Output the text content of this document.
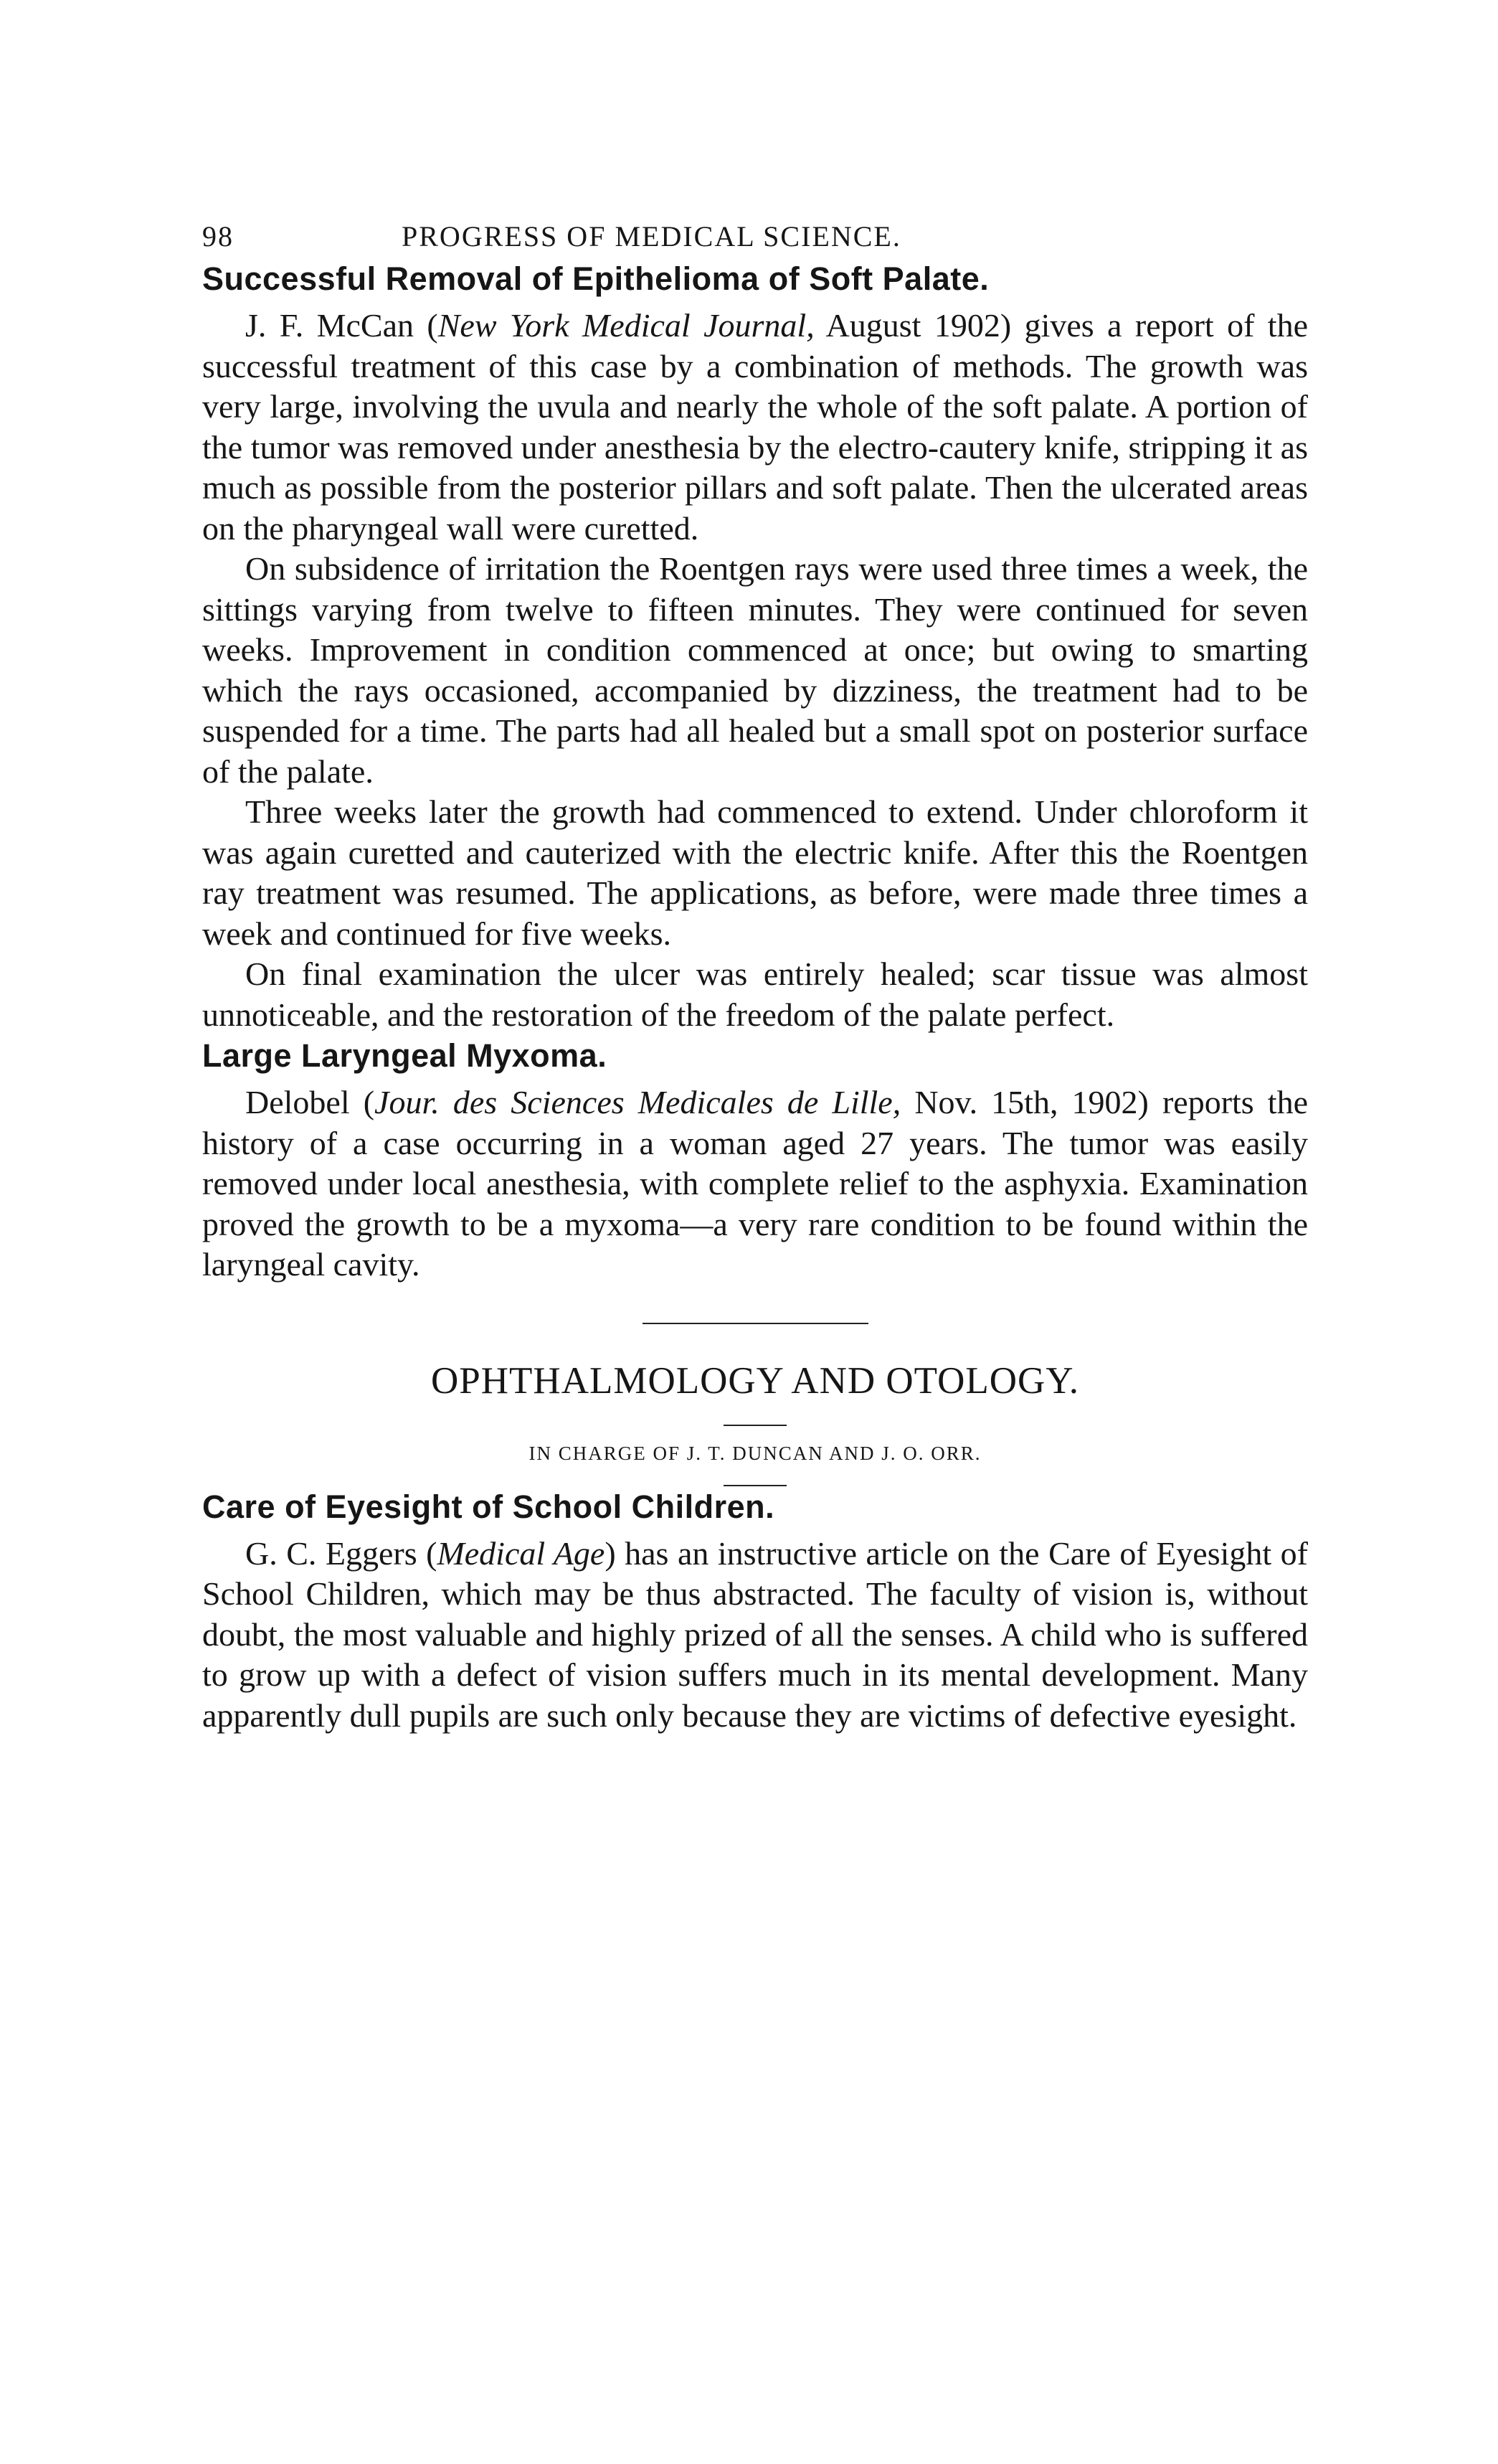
98	PROGRESS OF MEDICAL SCIENCE.
Successful Removal of Epithelioma of Soft Palate.

J. F. McCan (New York Medical Journal, August 1902) gives a report of the successful treatment of this case by a combination of methods. The growth was very large, involving the uvula and nearly the whole of the soft palate. A portion of the tumor was removed under anesthesia by the electro-cautery knife, stripping it as much as possible from the posterior pillars and soft palate. Then the ulcerated areas on the pharyngeal wall were curetted.

On subsidence of irritation the Roentgen rays were used three times a week, the sittings varying from twelve to fifteen minutes. They were continued for seven weeks. Improvement in condition commenced at once; but owing to smarting which the rays occasioned, accompanied by dizziness, the treatment had to be suspended for a time. The parts had all healed but a small spot on posterior surface of the palate.

Three weeks later the growth had commenced to extend. Under chloroform it was again curetted and cauterized with the electric knife. After this the Roentgen ray treatment was resumed. The applications, as before, were made three times a week and continued for five weeks.

On final examination the ulcer was entirely healed; scar tissue was almost unnoticeable, and the restoration of the freedom of the palate perfect.

Large Laryngeal Myxoma.

Delobel (Jour. des Sciences Medicales de Lille, Nov. 15th, 1902) reports the history of a case occurring in a woman aged 27 years. The tumor was easily removed under local anesthesia, with complete relief to the asphyxia. Examination proved the growth to be a myxoma—a very rare condition to be found within the laryngeal cavity.

OPHTHALMOLOGY AND OTOLOGY.
IN CHARGE OF J. T. DUNCAN AND J. O. ORR.
Care of Eyesight of School Children.

G. C. Eggers (Medical Age) has an instructive article on the Care of Eyesight of School Children, which may be thus abstracted. The faculty of vision is, without doubt, the most valuable and highly prized of all the senses. A child who is suffered to grow up with a defect of vision suffers much in its mental development. Many apparently dull pupils are such only because they are victims of defective eyesight.
